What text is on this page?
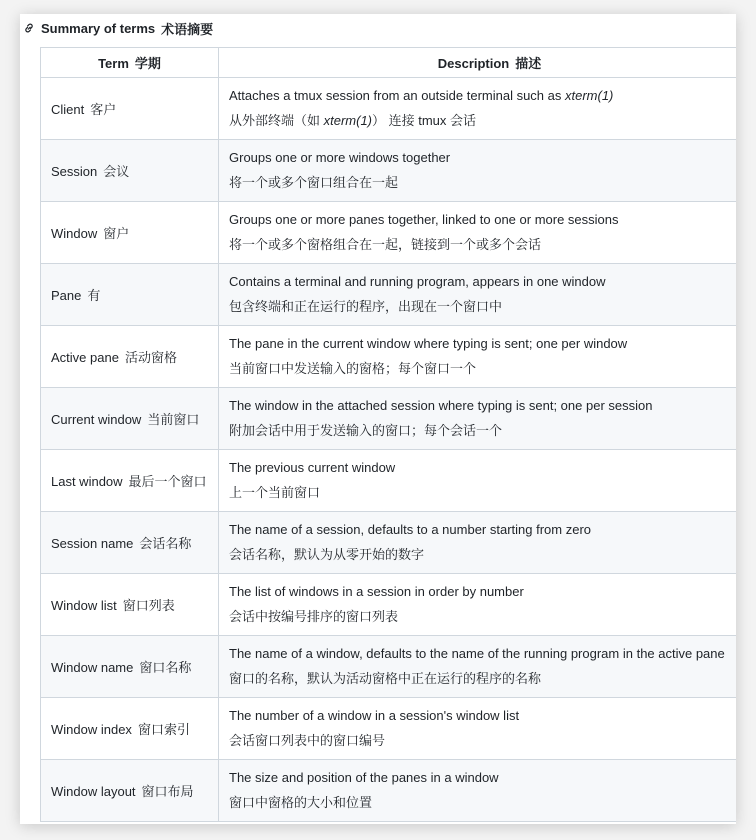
Summary of terms 术语摘要
Term 学期	Description 描述
Client 客户	Attaches a tmux session from an outside terminal such as xterm(1)
从外部终端（如 xterm(1)） 连接 tmux 会话

Session 会议	Groups one or more windows together
将一个或多个窗口组合在一起

Window 窗户	Groups one or more panes together, linked to one or more sessions
将一个或多个窗格组合在一起，链接到一个或多个会话

Pane 有	Contains a terminal and running program, appears in one window
包含终端和正在运行的程序，出现在一个窗口中

Active pane 活动窗格	The pane in the current window where typing is sent; one per window
当前窗口中发送输入的窗格；每个窗口一个

Current window 当前窗口	The window in the attached session where typing is sent; one per session
附加会话中用于发送输入的窗口；每个会话一个

Last window 最后一个窗口	The previous current window
上一个当前窗口

Session name 会话名称	The name of a session, defaults to a number starting from zero
会话名称，默认为从零开始的数字

Window list 窗口列表	The list of windows in a session in order by number
会话中按编号排序的窗口列表

Window name 窗口名称	The name of a window, defaults to the name of the running program in the active pane
窗口的名称，默认为活动窗格中正在运行的程序的名称

Window index 窗口索引	The number of a window in a session's window list
会话窗口列表中的窗口编号

Window layout 窗口布局	The size and position of the panes in a window
窗口中窗格的大小和位置
